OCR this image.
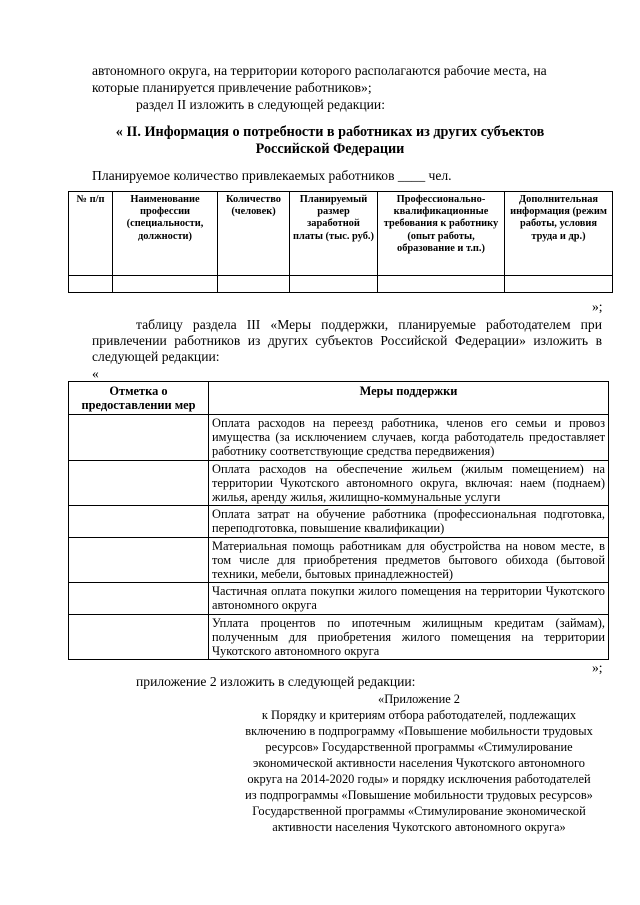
автономного округа, на территории которого располагаются рабочие места, на
которые планируется привлечение работников»;
раздел II изложить в следующей редакции:
« II. Информация о потребности в работниках из других субъектов
Российской Федерации
Планируемое количество привлекаемых работников ____ чел.
№ п/п	Наименование профессии (специальности, должности)	Количество (человек)	Планируемый размер заработной платы (тыс. руб.)	Профессионально-квалификационные требования к работнику (опыт работы, образование и т.п.)	Дополнительная информация (режим работы, условия труда и др.)

»;
таблицу раздела III «Меры поддержки, планируемые работодателем при привлечении работников из других субъектов Российской Федерации» изложить в следующей редакции:
«
Отметка о предоставлении мер	Меры поддержки
	Оплата расходов на переезд работника, членов его семьи и провоз имущества (за исключением случаев, когда работодатель предоставляет работнику соответствующие средства передвижения)
	Оплата расходов на обеспечение жильем (жилым помещением) на территории Чукотского автономного округа, включая: наем (поднаем) жилья, аренду жилья, жилищно-коммунальные услуги
	Оплата затрат на обучение работника (профессиональная подготовка, переподготовка, повышение квалификации)
	Материальная помощь работникам для обустройства на новом месте, в том числе для приобретения предметов бытового обихода (бытовой техники, мебели, бытовых принадлежностей)
	Частичная оплата покупки жилого помещения на территории Чукотского автономного округа
	Уплата процентов по ипотечным жилищным кредитам (займам), полученным для приобретения жилого помещения на территории Чукотского автономного округа
»;
приложение 2 изложить в следующей редакции:
«Приложение 2
к Порядку и критериям отбора работодателей, подлежащих
включению в подпрограмму «Повышение мобильности трудовых
ресурсов» Государственной программы «Стимулирование
экономической активности населения Чукотского автономного
округа на 2014-2020 годы» и порядку исключения работодателей
из подпрограммы «Повышение мобильности трудовых ресурсов»
Государственной программы «Стимулирование экономической
активности населения Чукотского автономного округа»
